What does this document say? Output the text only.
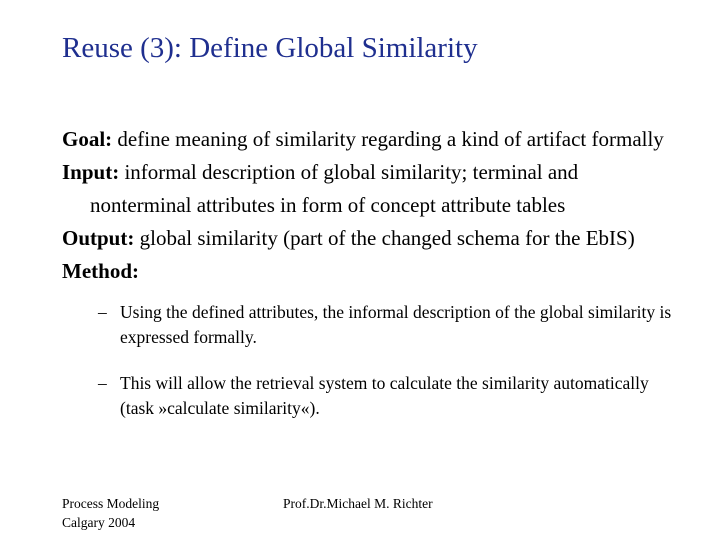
Reuse (3): Define Global Similarity

Goal: define meaning of similarity regarding a kind of artifact formally

Input: informal description of global similarity; terminal and nonterminal attributes in form of concept attribute tables

Output: global similarity (part of the changed schema for the EbIS)

Method:

– Using the defined attributes, the informal description of the global similarity is expressed formally.

– This will allow the retrieval system to calculate the similarity automatically (task »calculate similarity«).

Process Modeling
Calgary 2004
Prof.Dr.Michael M. Richter
